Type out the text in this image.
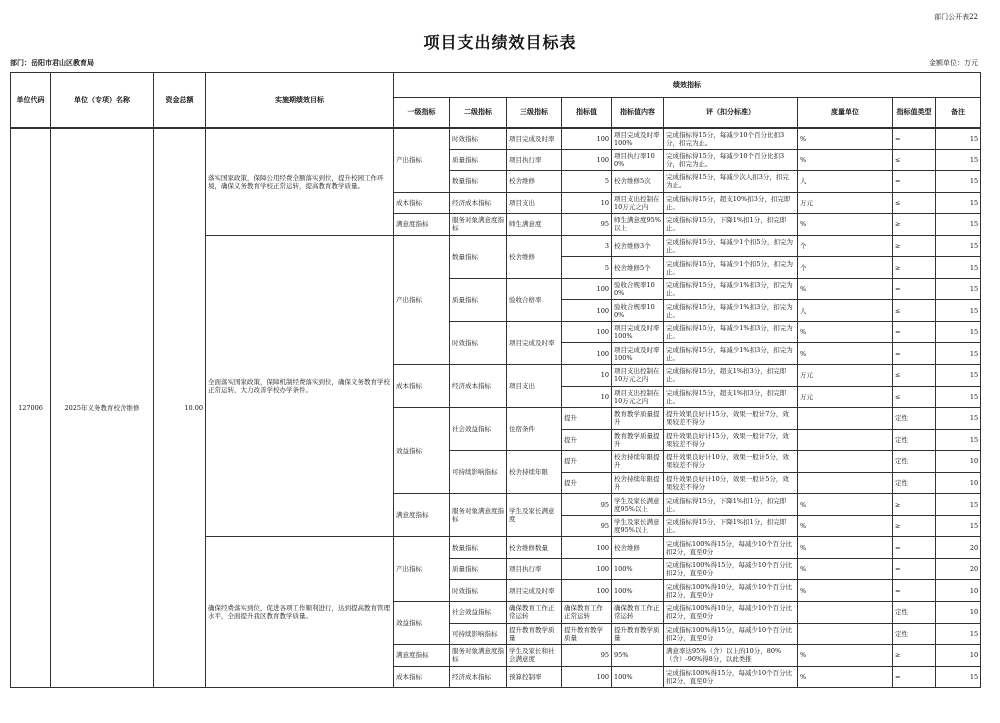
部门公开表22
项目支出绩效目标表
部门：岳阳市君山区教育局	金额单位：万元
单位代码	单位（专项）名称	资金总额	实施期绩效目标	绩效指标								
				一级指标	二级指标	三级指标	指标值	指标值内容	评（扣分标准）	度量单位	指标值类型	备注
127006	2025年义务教育校舍维修	10.00	落实国家政策，保障公用经费全额落实到位，提升校园工作环境，确保义务教育学校正常运转，提高教育教学质量。	产出指标	时效指标	项目完成及时率	100	项目完成及时率100%	完成指标得15分，每减少10个百分比扣3分，扣完为止。	%	=	15
					质量指标	项目执行率	100	项目执行率100%	完成指标得15分，每减少10个百分比扣3分，扣完为止。	%	≤	15
					数量指标	校舍维修	5	校舍维修5次	完成指标得15分，每减少次人扣3分，扣完为止。	人	=	15
				成本指标	经济成本指标	项目支出	10	项目支出控制在10万元之内	完成指标得15分，超支10%扣3分，扣完即止。	万元	≤	15
				满意度指标	服务对象满意度指标	师生满意度	95	师生满意度95%以上	完成指标得15分，下降1%扣1分，扣完即止。	%	≥	15
			全面落实国家政策，保障机制经费落实到位，确保义务教育学校正常运转，大力改善学校办学条件。	产出指标	数量指标	校舍维修	3	校舍维修3个	完成指标得15分，每减少1个扣5分，扣完为止。	个	≥	15
							5	校舍维修5个	完成指标得15分，每减少1个扣5分，扣完为止。	个	≥	15
					质量指标	验收合格率	100	验收合规率100%	完成指标得15分，每减少1%扣3分，扣完为止。	%	=	15
							100	验收合规率100%	完成指标得15分，每减少1%扣3分，扣完为止。	人	≤	15
					时效指标	项目完成及时率	100	项目完成及时率100%	完成指标得15分，每减少1%扣3分，扣完为止。	%	=	15
							100	项目完成及时率100%	完成指标得15分，每减少1%扣3分，扣完为止。	%	=	15
				成本指标	经济成本指标	项目支出	10	项目支出控制在10万元之内	完成指标得15分，超支1%扣3分，扣完即止。	万元	≤	15
							10	项目支出控制在10万元之内	完成指标得15分，超支1%扣3分，扣完即止。	万元	≤	15
				效益指标	社会效益指标	住宿条件	提升	教育教学质量提升	提升效果良好计15分，效果一般计7分，效果较差不得分		定性	15
							提升	教育教学质量提升	提升效果良好计15分，效果一般计7分，效果较差不得分		定性	15
					可持续影响指标	校舍持续年限	提升	校舍持续年限提升	提升效果良好计10分，效果一般计5分，效果较差不得分		定性	10
							提升	校舍持续年限提升	提升效果良好计10分，效果一般计5分，效果较差不得分		定性	10
				满意度指标	服务对象满意度指标	学生及家长满意度	95	学生及家长满意度95%以上	完成指标得15分，下降1%扣1分，扣完即止。	%	≥	15
							95	学生及家长满意度95%以上	完成指标得15分，下降1%扣1分，扣完即止。	%	≥	15
			确保经费落实到位，促进各项工作顺利进行，达到提高教育管理水平，全面提升我区教育教学质量。	产出指标	数量指标	校舍维修数量	100	校舍维修	完成指标100%得15分，每减少10个百分比扣2分，直至0分	%	=	20
					质量指标	项目执行率	100	100%	完成指标100%得15分，每减少10个百分比扣2分，直至0分	%	=	20
					时效指标	项目完成及时率	100	100%	完成指标100%得10分，每减少10个百分比扣2分，直至0分	%	=	10
				效益指标	社会效益指标	确保教育工作正常运转	确保教育工作正常运转	确保教育工作正常运转	完成指标100%得10分，每减少10个百分比扣2分，直至0分		定性	10
					可持续影响指标	提升教育教学质量	提升教育教学质量	提升教育教学质量	完成指标100%得15分，每减少10个百分比扣2分，直至0分		定性	15
				满意度指标	服务对象满意度指标	学生及家长和社会满意度	95	95%	满意率达95%（含）以上的10分，80%（含）-90%得8分，以此类推	%	≥	10
				成本指标	经济成本指标	预算控制率	100	100%	完成指标100%得15分，每减少10个百分比扣2分，直至0分	%	=	15
